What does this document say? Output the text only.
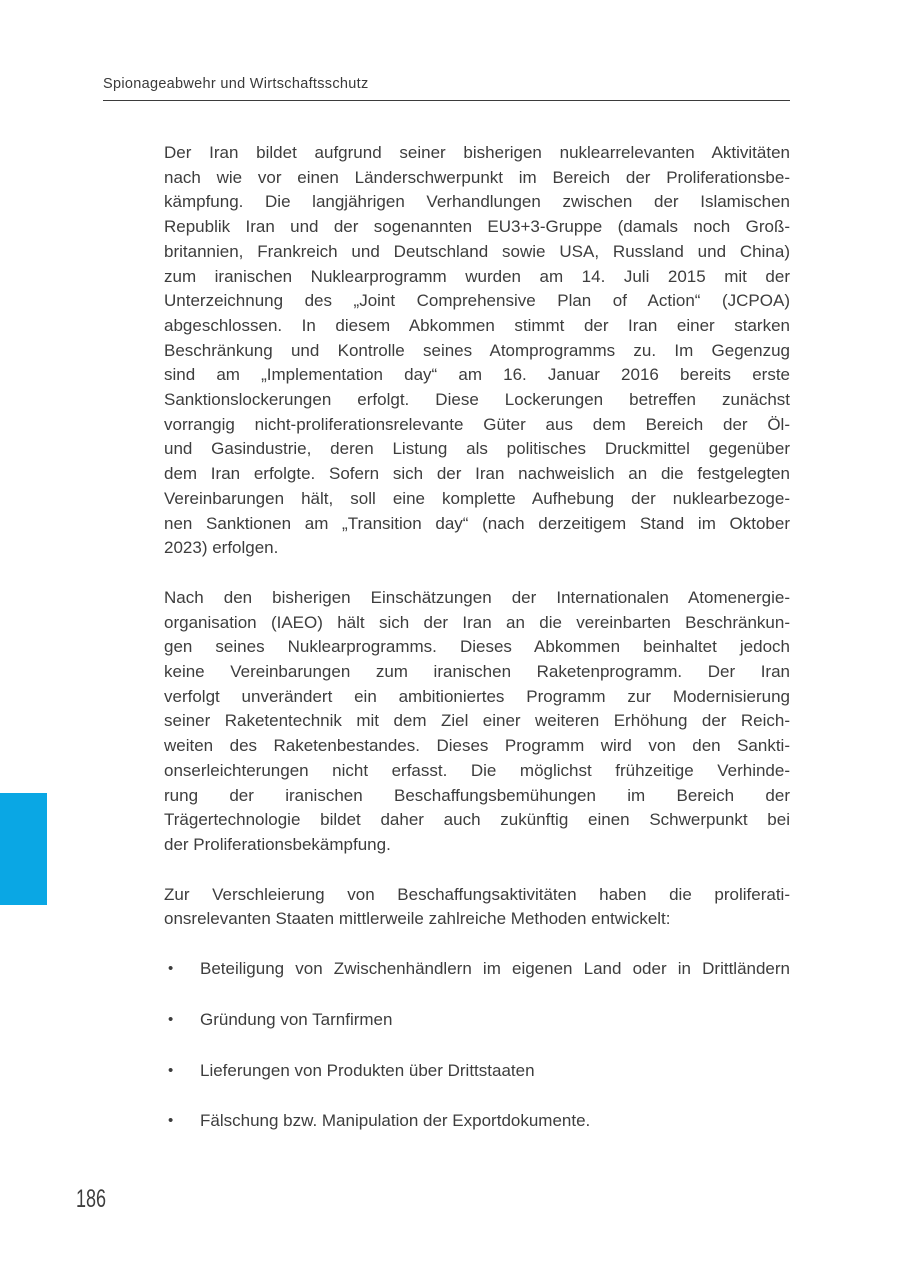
Spionageabwehr und Wirtschaftsschutz
Der Iran bildet aufgrund seiner bisherigen nuklearrelevanten Aktivitäten
nach wie vor einen Länderschwerpunkt im Bereich der Proliferationsbe-
kämpfung. Die langjährigen Verhandlungen zwischen der Islamischen
Republik Iran und der sogenannten EU3+3-Gruppe (damals noch Groß-
britannien, Frankreich und Deutschland sowie USA, Russland und China)
zum iranischen Nuklearprogramm wurden am 14. Juli 2015 mit der
Unterzeichnung des „Joint Comprehensive Plan of Action“ (JCPOA)
abgeschlossen. In diesem Abkommen stimmt der Iran einer starken
Beschränkung und Kontrolle seines Atomprogramms zu. Im Gegenzug
sind am „Implementation day“ am 16. Januar 2016 bereits erste
Sanktionslockerungen erfolgt. Diese Lockerungen betreffen zunächst
vorrangig nicht-proliferationsrelevante Güter aus dem Bereich der Öl-
und Gasindustrie, deren Listung als politisches Druckmittel gegenüber
dem Iran erfolgte. Sofern sich der Iran nachweislich an die festgelegten
Vereinbarungen hält, soll eine komplette Aufhebung der nuklearbezoge-
nen Sanktionen am „Transition day“ (nach derzeitigem Stand im Oktober
2023) erfolgen.
Nach den bisherigen Einschätzungen der Internationalen Atomenergie-
organisation (IAEO) hält sich der Iran an die vereinbarten Beschränkun-
gen seines Nuklearprogramms. Dieses Abkommen beinhaltet jedoch
keine Vereinbarungen zum iranischen Raketenprogramm. Der Iran
verfolgt unverändert ein ambitioniertes Programm zur Modernisierung
seiner Raketentechnik mit dem Ziel einer weiteren Erhöhung der Reich-
weiten des Raketenbestandes. Dieses Programm wird von den Sankti-
onserleichterungen nicht erfasst. Die möglichst frühzeitige Verhinde-
rung der iranischen Beschaffungsbemühungen im Bereich der
Trägertechnologie bildet daher auch zukünftig einen Schwerpunkt bei
der Proliferationsbekämpfung.
Zur Verschleierung von Beschaffungsaktivitäten haben die proliferati-
onsrelevanten Staaten mittlerweile zahlreiche Methoden entwickelt:
• Beteiligung von Zwischenhändlern im eigenen Land oder in Drittländern
• Gründung von Tarnfirmen
• Lieferungen von Produkten über Drittstaaten
• Fälschung bzw. Manipulation der Exportdokumente.
186
